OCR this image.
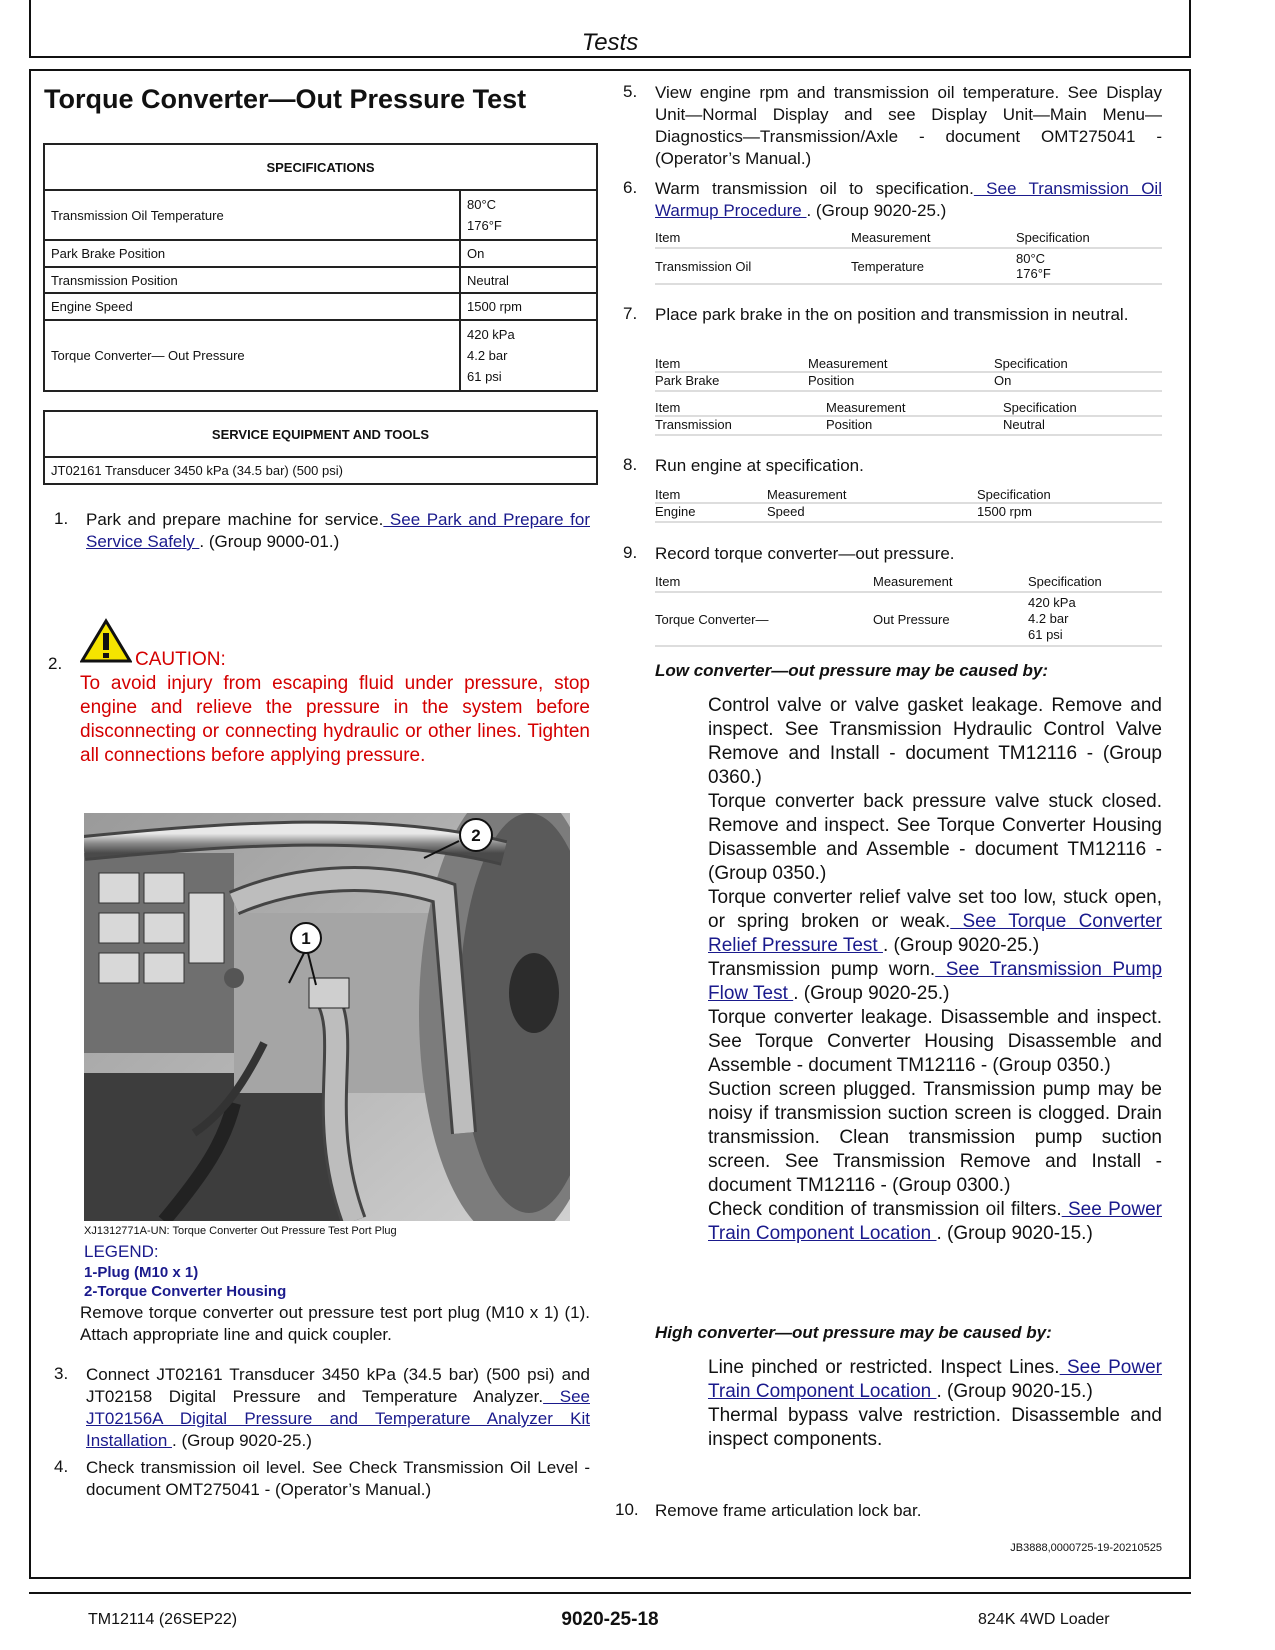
Tests
Torque Converter—Out Pressure Test
SPECIFICATIONS	
Transmission Oil Temperature	80°C
176°F

Park Brake Position	On
Transmission Position	Neutral
Engine Speed	1500 rpm
Torque Converter— Out Pressure	420 kPa
4.2 bar
61 psi
SERVICE EQUIPMENT AND TOOLS
JT02161 Transducer 3450 kPa (34.5 bar) (500 psi)
1. Park and prepare machine for service. See Park and Prepare for Service Safely . (Group 9000-01.)
2.	CAUTION:
To avoid injury from escaping fluid under pressure, stop engine and relieve the pressure in the system before disconnecting or connecting hydraulic or other lines. Tighten all connections before applying pressure.
1
2
XJ1312771A-UN: Torque Converter Out Pressure Test Port Plug
LEGEND:
1-Plug (M10 x 1)
2-Torque Converter Housing
Remove torque converter out pressure test port plug (M10 x 1) (1). Attach appropriate line and quick coupler.
3. Connect JT02161 Transducer 3450 kPa (34.5 bar) (500 psi) and JT02158 Digital Pressure and Temperature Analyzer. See JT02156A Digital Pressure and Temperature Analyzer Kit Installation . (Group 9020-25.)
4. Check transmission oil level. See Check Transmission Oil Level - document OMT275041 - (Operator’s Manual.)
5. View engine rpm and transmission oil temperature. See Display Unit—Normal Display and see Display Unit—Main Menu—Diagnostics—Transmission/Axle - document OMT275041 - (Operator’s Manual.)
6. Warm transmission oil to specification. See Transmission Oil Warmup Procedure . (Group 9020-25.)
Item	Measurement	Specification
Transmission Oil	Temperature	80°C
176°F
7. Place park brake in the on position and transmission in neutral.
Item	Measurement	Specification
Park Brake	Position	On
Item	Measurement	Specification
Transmission	Position	Neutral
8. Run engine at specification.
Item	Measurement	Specification
Engine	Speed	1500 rpm
9. Record torque converter—out pressure.
Item	Measurement	Specification
Torque Converter—	Out Pressure
420 kPa
4.2 bar
61 psi
Low converter—out pressure may be caused by:
Control valve or valve gasket leakage. Remove and inspect. See Transmission Hydraulic Control Valve Remove and Install - document TM12116 - (Group 0360.)
Torque converter back pressure valve stuck closed. Remove and inspect. See Torque Converter Housing Disassemble and Assemble - document TM12116 - (Group 0350.)
Torque converter relief valve set too low, stuck open, or spring broken or weak. See Torque Converter Relief Pressure Test . (Group 9020-25.)
Transmission pump worn. See Transmission Pump Flow Test . (Group 9020-25.)
Torque converter leakage. Disassemble and inspect. See Torque Converter Housing Disassemble and Assemble - document TM12116 - (Group 0350.)
Suction screen plugged. Transmission pump may be noisy if transmission suction screen is clogged. Drain transmission. Clean transmission pump suction screen. See Transmission Remove and Install - document TM12116 - (Group 0300.)
Check condition of transmission oil filters. See Power Train Component Location . (Group 9020-15.)
High converter—out pressure may be caused by:
Line pinched or restricted. Inspect Lines. See Power Train Component Location . (Group 9020-15.)
Thermal bypass valve restriction. Disassemble and inspect components.
10. Remove frame articulation lock bar.
JB3888,0000725-19-20210525
TM12114 (26SEP22)	9020-25-18	824K 4WD Loader
